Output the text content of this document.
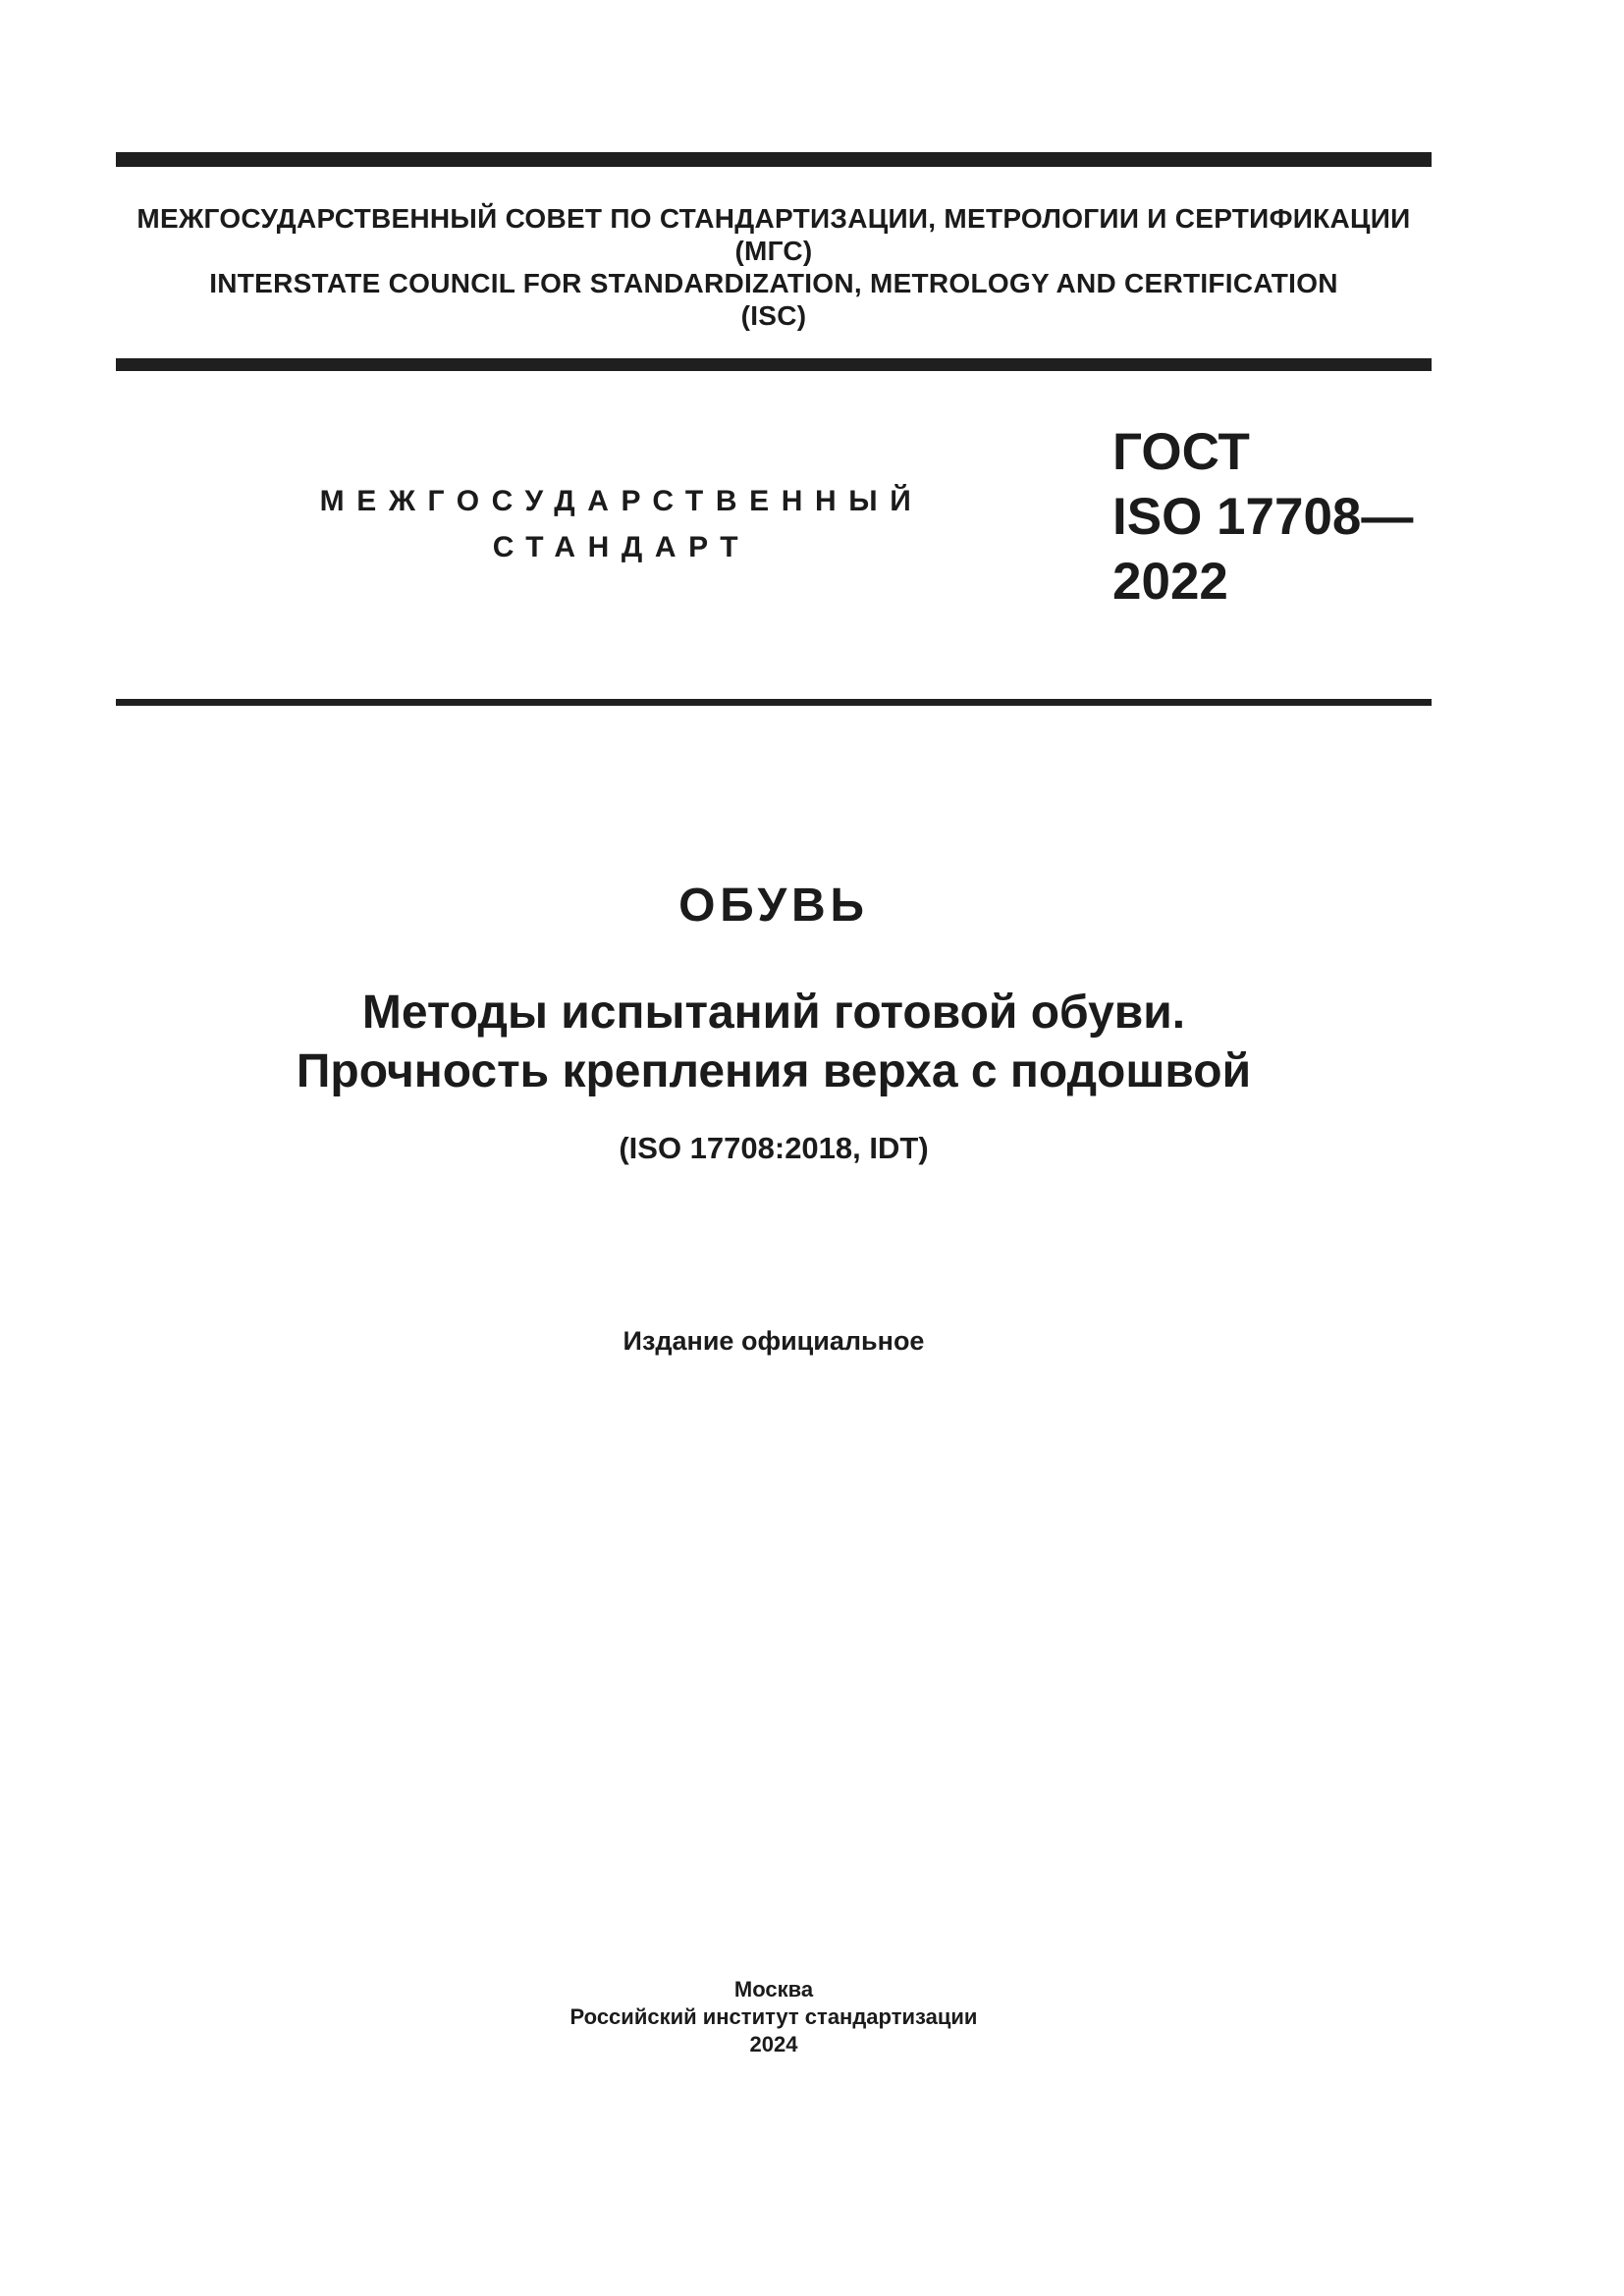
МЕЖГОСУДАРСТВЕННЫЙ СОВЕТ ПО СТАНДАРТИЗАЦИИ, МЕТРОЛОГИИ И СЕРТИФИКАЦИИ
(МГС)
INTERSTATE COUNCIL FOR STANDARDIZATION, METROLOGY AND CERTIFICATION
(ISC)
МЕЖГОСУДАРСТВЕННЫЙ
СТАНДАРТ
ГОСТ
ISO 17708—
2022
ОБУВЬ
Методы испытаний готовой обуви.
Прочность крепления верха с подошвой
(ISO 17708:2018, IDT)
Издание официальное
Москва
Российский институт стандартизации
2024
